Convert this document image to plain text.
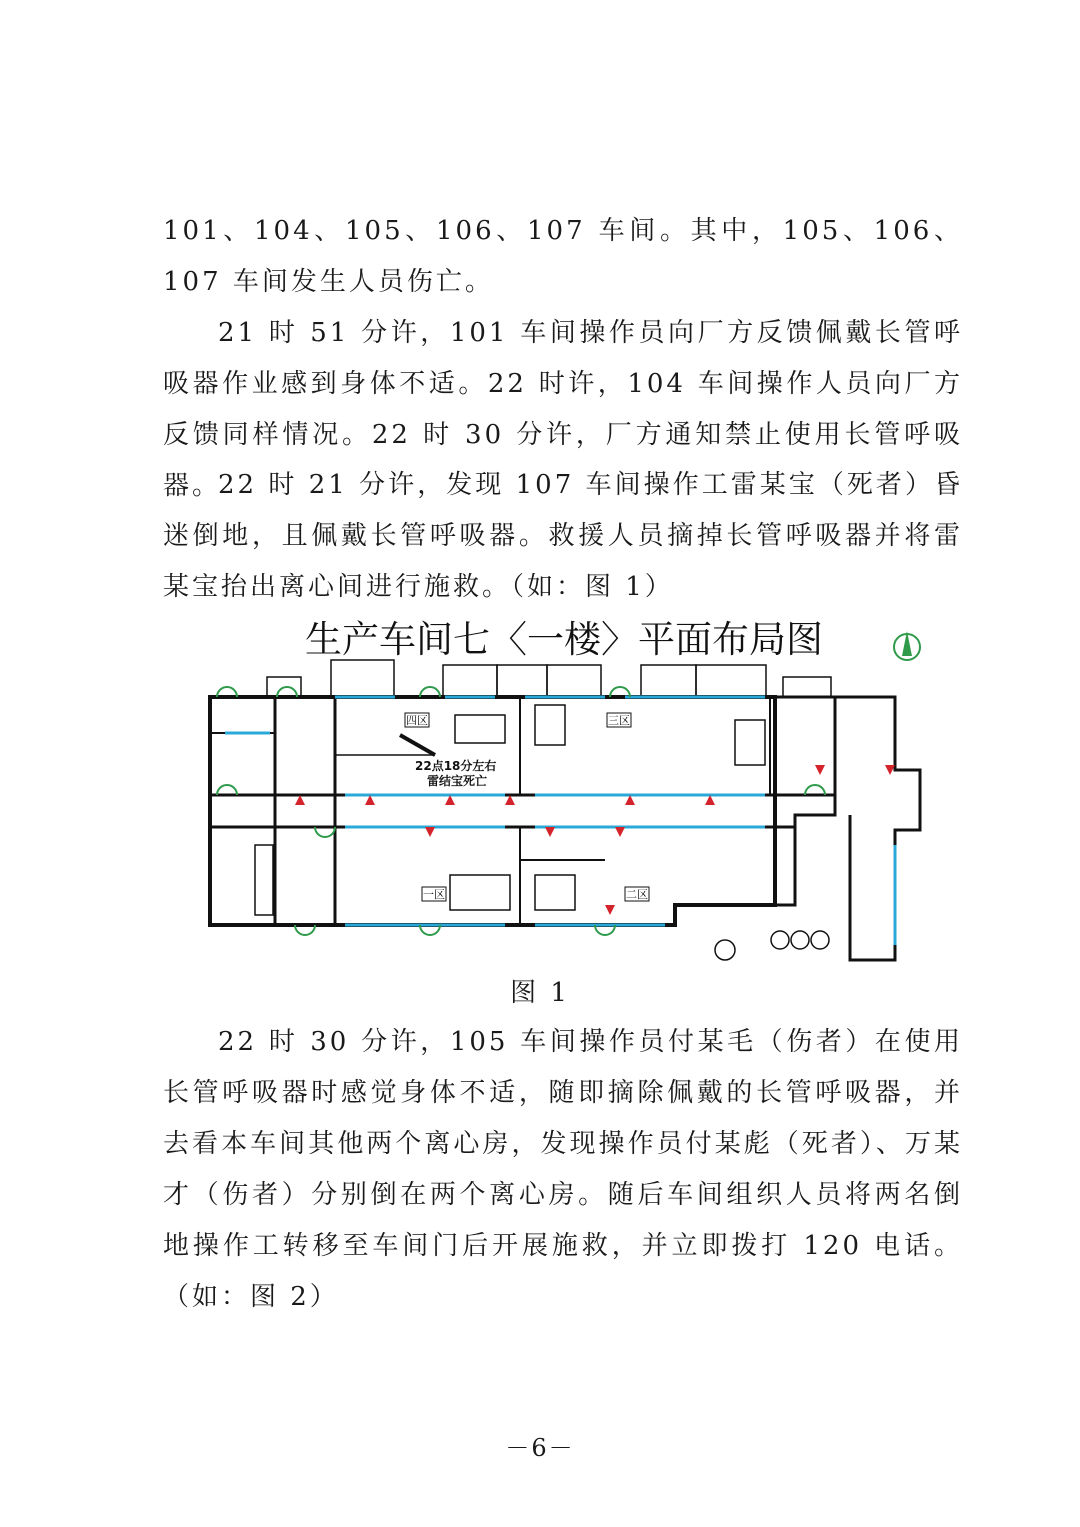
101、104、105、106、107 车间。其中，105、106、107 车间发生人员伤亡。

21 时 51 分许，101 车间操作员向厂方反馈佩戴长管呼吸器作业感到身体不适。22 时许，104 车间操作人员向厂方反馈同样情况。22 时 30 分许，厂方通知禁止使用长管呼吸器。

22 时 21 分许，发现 107 车间操作工雷某宝（死者）昏迷倒地，且佩戴长管呼吸器。救援人员摘掉长管呼吸器并将雷某宝抬出离心间进行施救。（如：图 1）

生产车间七〈一楼〉平面布局图
四区	三区
一区	二区
22点18分左右
雷结宝死亡
图 1

22 时 30 分许，105 车间操作员付某毛（伤者）在使用长管呼吸器时感觉身体不适，随即摘除佩戴的长管呼吸器，并去看本车间其他两个离心房，发现操作员付某彪（死者）、万某才（伤者）分别倒在两个离心房。随后车间组织人员将两名倒地操作工转移至车间门后开展施救，并立即拨打 120 电话。（如：图 2）

－6－
